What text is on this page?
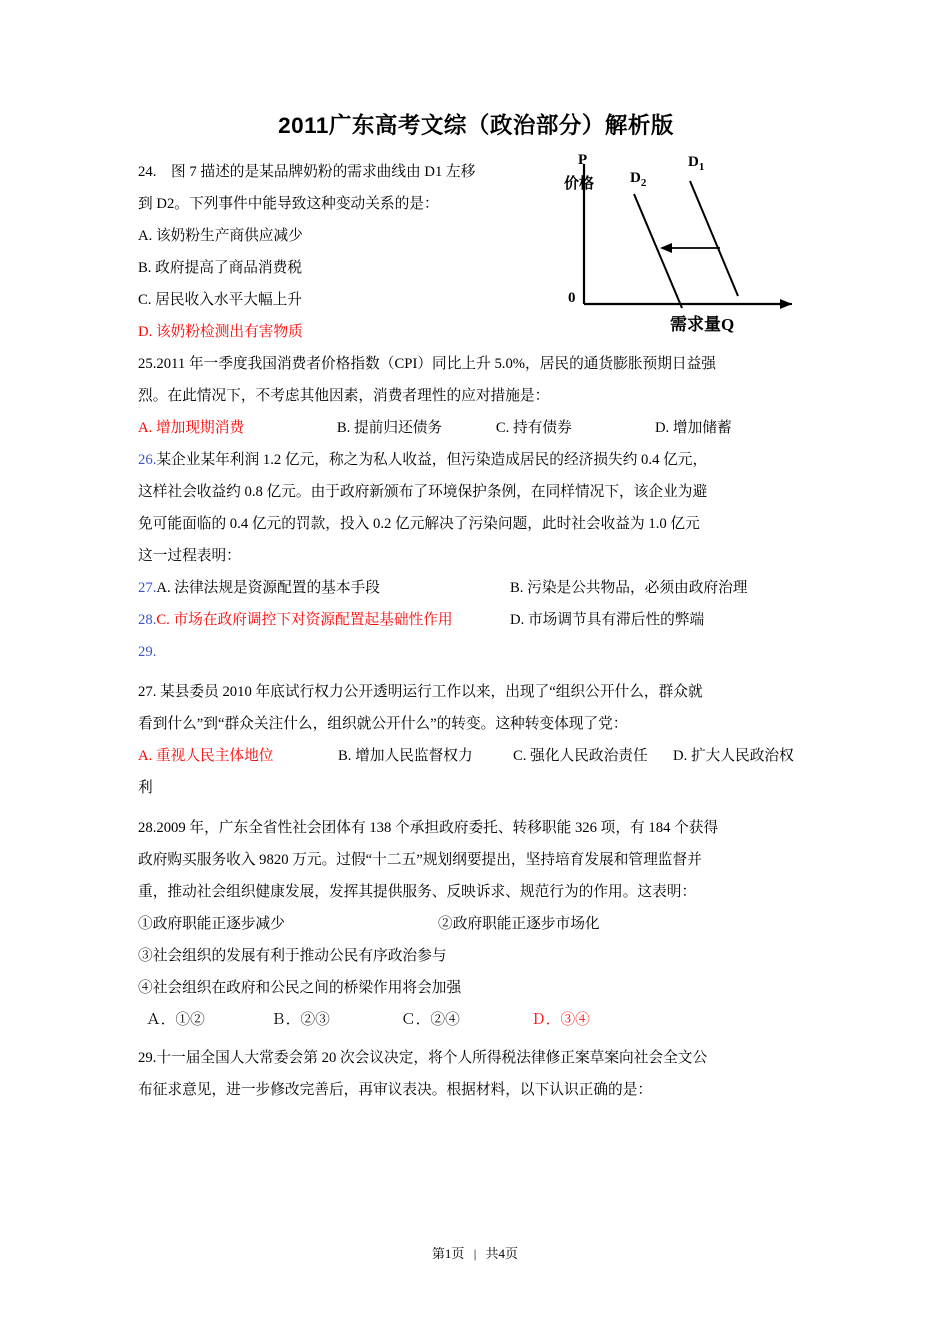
2011广东高考文综（政治部分）解析版

24. 图 7 描述的是某品牌奶粉的需求曲线由 D1 左移

到 D2。下列事件中能导致这种变动关系的是：

A. 该奶粉生产商供应减少

B. 政府提高了商品消费税

C. 居民收入水平大幅上升

D. 该奶粉检测出有害物质

P
价格
$D_1$
$D_2$
0
需求量Q

25.2011 年一季度我国消费者价格指数（CPI）同比上升 5.0%，居民的通货膨胀预期日益强

烈。在此情况下，不考虑其他因素，消费者理性的应对措施是：

A. 增加现期消费	B. 提前归还债务	C. 持有债券	D. 增加储蓄

26.某企业某年利润 1.2 亿元，称之为私人收益，但污染造成居民的经济损失约 0.4 亿元，

这样社会收益约 0.8 亿元。由于政府新颁布了环境保护条例，在同样情况下，该企业为避

免可能面临的 0.4 亿元的罚款，投入 0.2 亿元解决了污染问题，此时社会收益为 1.0 亿元

这一过程表明：

27.A. 法律法规是资源配置的基本手段	B. 污染是公共物品，必须由政府治理
28.C. 市场在政府调控下对资源配置起基础性作用	D. 市场调节具有滞后性的弊端

29.

27. 某县委员 2010 年底试行权力公开透明运行工作以来，出现了“组织公开什么，群众就

看到什么”到“群众关注什么，组织就公开什么”的转变。这种转变体现了党：

A. 重视人民主体地位	B. 增加人民监督权力	C. 强化人民政治责任	D. 扩大人民政治权

利

28.2009 年，广东全省性社会团体有 138 个承担政府委托、转移职能 326 项，有 184 个获得

政府购买服务收入 9820 万元。过假“十二五”规划纲要提出，坚持培育发展和管理监督并

重，推动社会组织健康发展，发挥其提供服务、反映诉求、规范行为的作用。这表明：

①政府职能正逐步减少	②政府职能正逐步市场化

③社会组织的发展有利于推动公民有序政治参与

④社会组织在政府和公民之间的桥梁作用将会加强

Ａ．①②	Ｂ．②③	Ｃ．②④	Ｄ．③④

29.十一届全国人大常委会第 20 次会议决定，将个人所得税法律修正案草案向社会全文公

布征求意见，进一步修改完善后，再审议表决。根据材料，以下认识正确的是：

第1页 | 共4页
